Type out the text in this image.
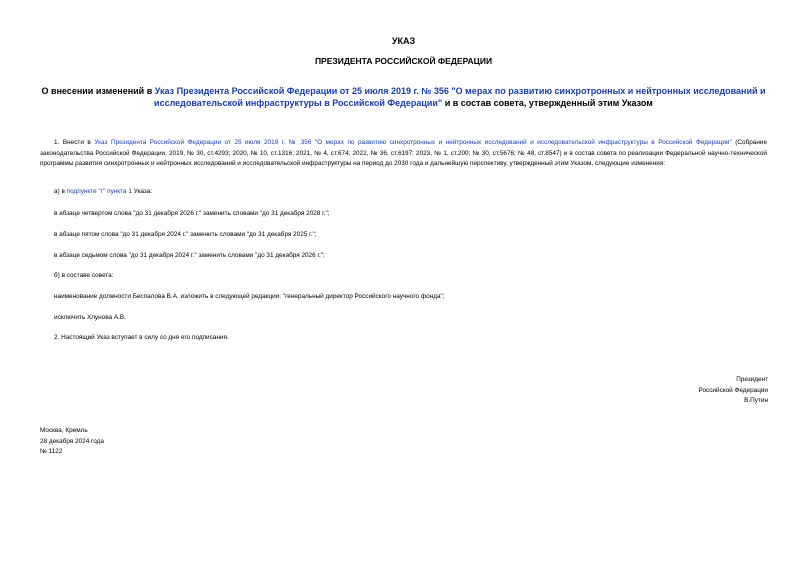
УКАЗ
ПРЕЗИДЕНТА РОССИЙСКОЙ ФЕДЕРАЦИИ
О внесении изменений в Указ Президента Российской Федерации от 25 июля 2019 г. № 356 "О мерах по развитию синхротронных и нейтронных исследований и исследовательской инфраструктуры в Российской Федерации" и в состав совета, утвержденный этим Указом
1. Внести в Указ Президента Российской Федерации от 25 июля 2019 г. № 356 "О мерах по развитию синхротронных и нейтронных исследований и исследовательской инфраструктуры в Российской Федерации" (Собрание законодательства Российской Федерации, 2019, № 30, ст.4293; 2020, № 10, ст.1316; 2021, № 4, ст.674; 2022, № 36, ст.6197; 2023, № 1, ст.200; № 30, ст.5676; № 48, ст.8547) и в состав совета по реализации Федеральной научно-технической программы развития синхротронных и нейтронных исследований и исследовательской инфраструктуры на период до 2030 года и дальнейшую перспективу, утвержденный этим Указом, следующие изменения:
а) в подпункте "г" пункта 1 Указа:
в абзаце четвертом слова "до 31 декабря 2026 г." заменить словами "до 31 декабря 2028 г.";
в абзаце пятом слова "до 31 декабря 2024 г." заменить словами "до 31 декабря 2025 г.";
в абзаце седьмом слова "до 31 декабря 2024 г." заменить словами "до 31 декабря 2026 г.";
б) в составе совета:
наименование должности Беспалова В.А. изложить в следующей редакции: "генеральный директор Российского научного фонда";
исключить Хлунова А.В.
2. Настоящий Указ вступает в силу со дня его подписания.
Президент
Российской Федерации
В.Путин
Москва, Кремль
28 декабря 2024 года
№ 1122
